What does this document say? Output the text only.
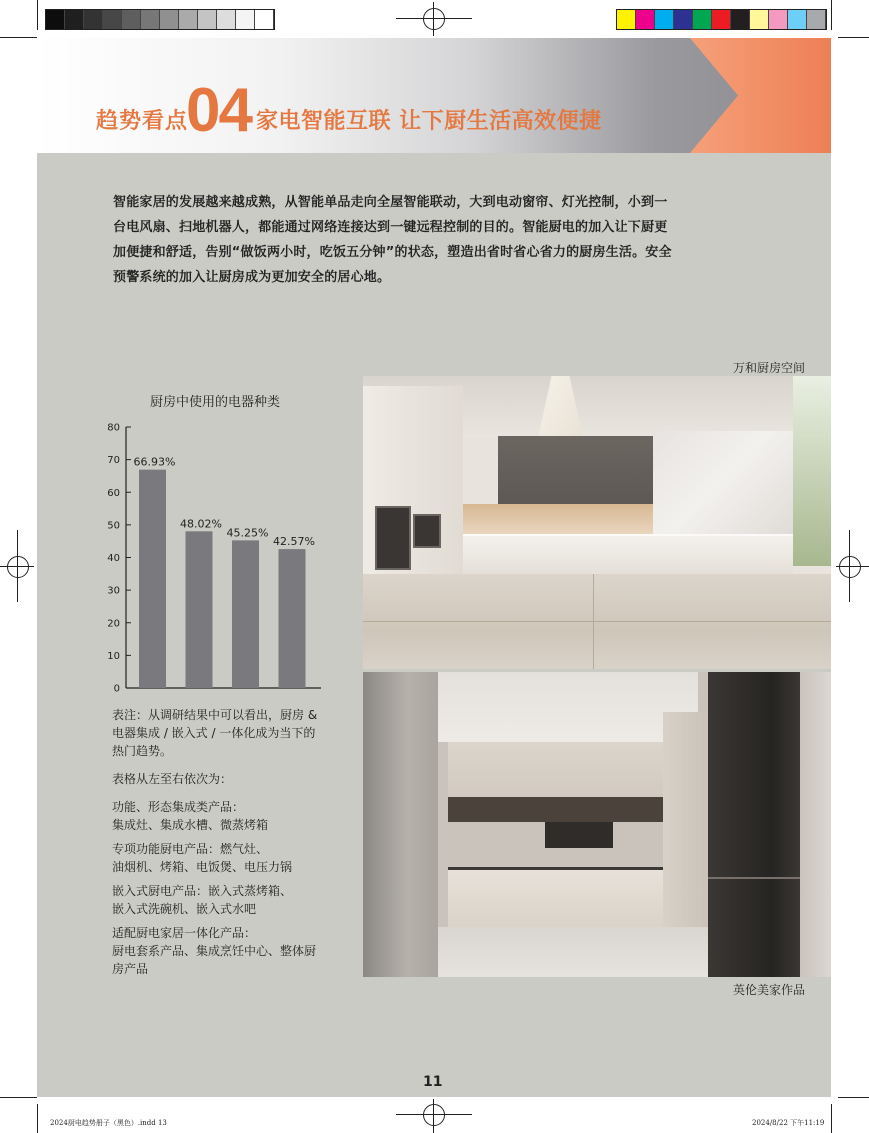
趋势看点
04 家电智能互联 让下厨生活高效便捷
智能家居的发展越来越成熟，从智能单品走向全屋智能联动，大到电动窗帘、灯光控制，小到一台电风扇、扫地机器人，都能通过网络连接达到一键远程控制的目的。智能厨电的加入让下厨更加便捷和舒适，告别“做饭两小时，吃饭五分钟”的状态，塑造出省时省心省力的厨房生活。安全预警系统的加入让厨房成为更加安全的居心地。
厨房中使用的电器种类
0
10
20
30
40
50
60
70
80
66.93%
48.02%
45.25%
42.57%

表注：从调研结果中可以看出，厨房 & 电器集成 / 嵌入式 / 一体化成为当下的热门趋势。

表格从左至右依次为：

功能、形态集成类产品：

集成灶、集成水槽、微蒸烤箱

专项功能厨电产品：燃气灶、

油烟机、烤箱、电饭煲、电压力锅

嵌入式厨电产品：嵌入式蒸烤箱、

嵌入式洗碗机、嵌入式水吧

适配厨电家居一体化产品：

厨电套系产品、集成烹饪中心、整体厨房产品

万和厨房空间
英伦美家作品
11
2024厨电趋势册子（黑色）.indd 13	2024/8/22 下午11:19
